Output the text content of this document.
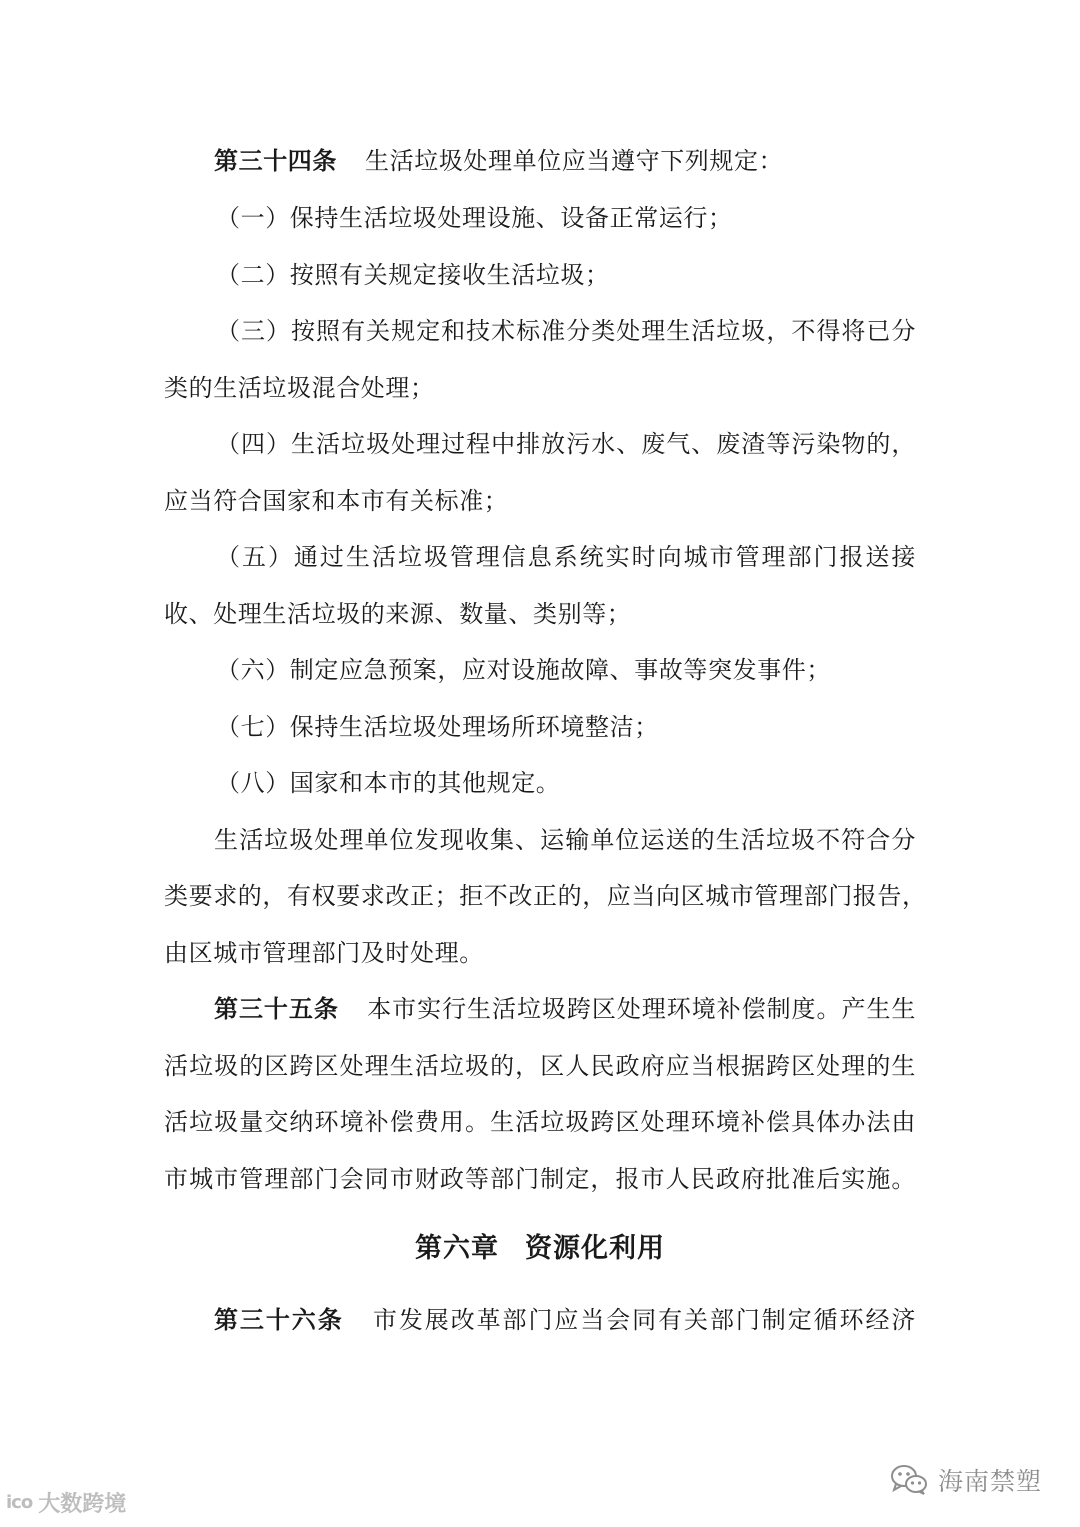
第三十四条 生活垃圾处理单位应当遵守下列规定：
（一）保持生活垃圾处理设施、设备正常运行；
（二）按照有关规定接收生活垃圾；
（三）按照有关规定和技术标准分类处理生活垃圾，不得将已分
类的生活垃圾混合处理；
（四）生活垃圾处理过程中排放污水、废气、废渣等污染物的，
应当符合国家和本市有关标准；
（五）通过生活垃圾管理信息系统实时向城市管理部门报送接
收、处理生活垃圾的来源、数量、类别等；
（六）制定应急预案，应对设施故障、事故等突发事件；
（七）保持生活垃圾处理场所环境整洁；
（八）国家和本市的其他规定。
生活垃圾处理单位发现收集、运输单位运送的生活垃圾不符合分
类要求的，有权要求改正；拒不改正的，应当向区城市管理部门报告，
由区城市管理部门及时处理。
第三十五条 本市实行生活垃圾跨区处理环境补偿制度。产生生
活垃圾的区跨区处理生活垃圾的，区人民政府应当根据跨区处理的生
活垃圾量交纳环境补偿费用。生活垃圾跨区处理环境补偿具体办法由
市城市管理部门会同市财政等部门制定，报市人民政府批准后实施。
第六章 资源化利用
第三十六条 市发展改革部门应当会同有关部门制定循环经济
ico 大数跨境
海南禁塑
